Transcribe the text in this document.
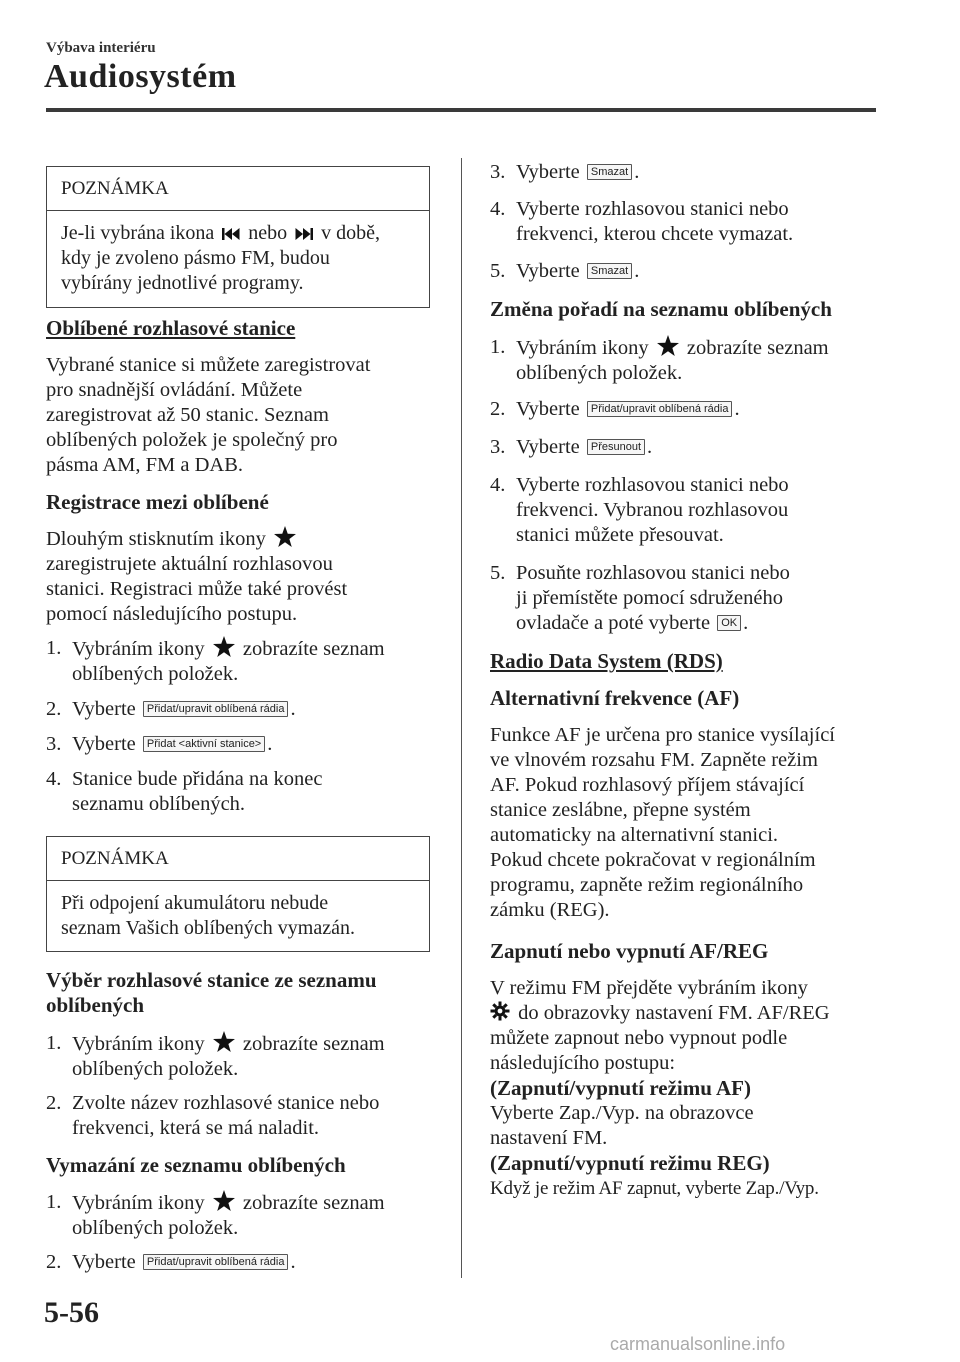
Výbava interiéru
Audiosystém
POZNÁMKA
Je-li vybrána ikona nebo v době,
kdy je zvoleno pásmo FM, budou
vybírány jednotlivé programy.
Oblíbené rozhlasové stanice
Vybrané stanice si můžete zaregistrovat
pro snadnější ovládání. Můžete
zaregistrovat až 50 stanic. Seznam
oblíbených položek je společný pro
pásma AM, FM a DAB.
Registrace mezi oblíbené
Dlouhým stisknutím ikony
zaregistrujete aktuální rozhlasovou
stanici. Registraci může také provést
pomocí následujícího postupu.
1. Vybráním ikony zobrazíte seznam
oblíbených položek.
2. Vyberte Přidat/upravit oblíbená rádia .
3. Vyberte Přidat <aktivní stanice> .
4. Stanice bude přidána na konec
seznamu oblíbených.
POZNÁMKA
Při odpojení akumulátoru nebude
seznam Vašich oblíbených vymazán.
Výběr rozhlasové stanice ze seznamu
oblíbených
1. Vybráním ikony zobrazíte seznam
oblíbených položek.
2. Zvolte název rozhlasové stanice nebo
frekvenci, která se má naladit.
Vymazání ze seznamu oblíbených
1. Vybráním ikony zobrazíte seznam
oblíbených položek.
2. Vyberte Přidat/upravit oblíbená rádia .
3. Vyberte Smazat .
4. Vyberte rozhlasovou stanici nebo
frekvenci, kterou chcete vymazat.
5. Vyberte Smazat .
Změna pořadí na seznamu oblíbených
1. Vybráním ikony zobrazíte seznam
oblíbených položek.
2. Vyberte Přidat/upravit oblíbená rádia .
3. Vyberte Přesunout .
4. Vyberte rozhlasovou stanici nebo
frekvenci. Vybranou rozhlasovou
stanici můžete přesouvat.
5. Posuňte rozhlasovou stanici nebo
ji přemístěte pomocí sdruženého
ovladače a poté vyberte OK .
Radio Data System (RDS)
Alternativní frekvence (AF)
Funkce AF je určena pro stanice vysílající
ve vlnovém rozsahu FM. Zapněte režim
AF. Pokud rozhlasový příjem stávající
stanice zeslábne, přepne systém
automaticky na alternativní stanici.
Pokud chcete pokračovat v regionálním
programu, zapněte režim regionálního
zámku (REG).
Zapnutí nebo vypnutí AF/REG
V režimu FM přejděte vybráním ikony
do obrazovky nastavení FM. AF/REG
můžete zapnout nebo vypnout podle
následujícího postupu:
(Zapnutí/vypnutí režimu AF)
Vyberte Zap./Vyp. na obrazovce
nastavení FM.
(Zapnutí/vypnutí režimu REG)
Když je režim AF zapnut, vyberte Zap./Vyp.
5-56
carmanualsonline.info
